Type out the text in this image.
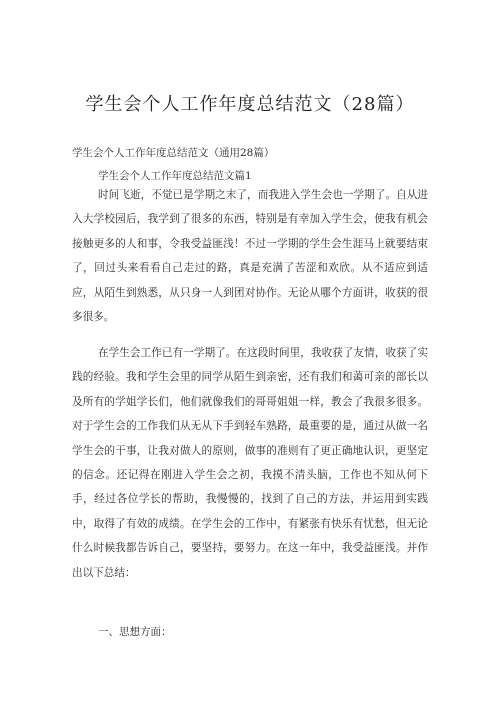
学生会个人工作年度总结范文（28篇）
学生会个人工作年度总结范文（通用28篇）
学生会个人工作年度总结范文篇1

时间飞逝，不觉已是学期之末了，而我进入学生会也一学期了。自从进入大学校园后，我学到了很多的东西，特别是有幸加入学生会，使我有机会接触更多的人和事，令我受益匪浅！不过一学期的学生会生涯马上就要结束了，回过头来看看自己走过的路，真是充满了苦涩和欢欣。从不适应到适应，从陌生到熟悉，从只身一人到团对协作。无论从哪个方面讲，收获的很多很多。

在学生会工作已有一学期了。在这段时间里，我收获了友情，收获了实践的经验。我和学生会里的同学从陌生到亲密，还有我们和蔼可亲的部长以及所有的学姐学长们，他们就像我们的哥哥姐姐一样，教会了我很多很多。对于学生会的工作我们从无从下手到轻车熟路，最重要的是，通过从做一名学生会的干事，让我对做人的原则，做事的准则有了更正确地认识，更坚定的信念。还记得在刚进入学生会之初，我摸不清头脑，工作也不知从何下手，经过各位学长的帮助，我慢慢的，找到了自己的方法，并运用到实践中，取得了有效的成绩。在学生会的工作中，有紧张有快乐有忧愁，但无论什么时候我都告诉自己，要坚持，要努力。在这一年中，我受益匪浅。并作出以下总结：

一、思想方面：
